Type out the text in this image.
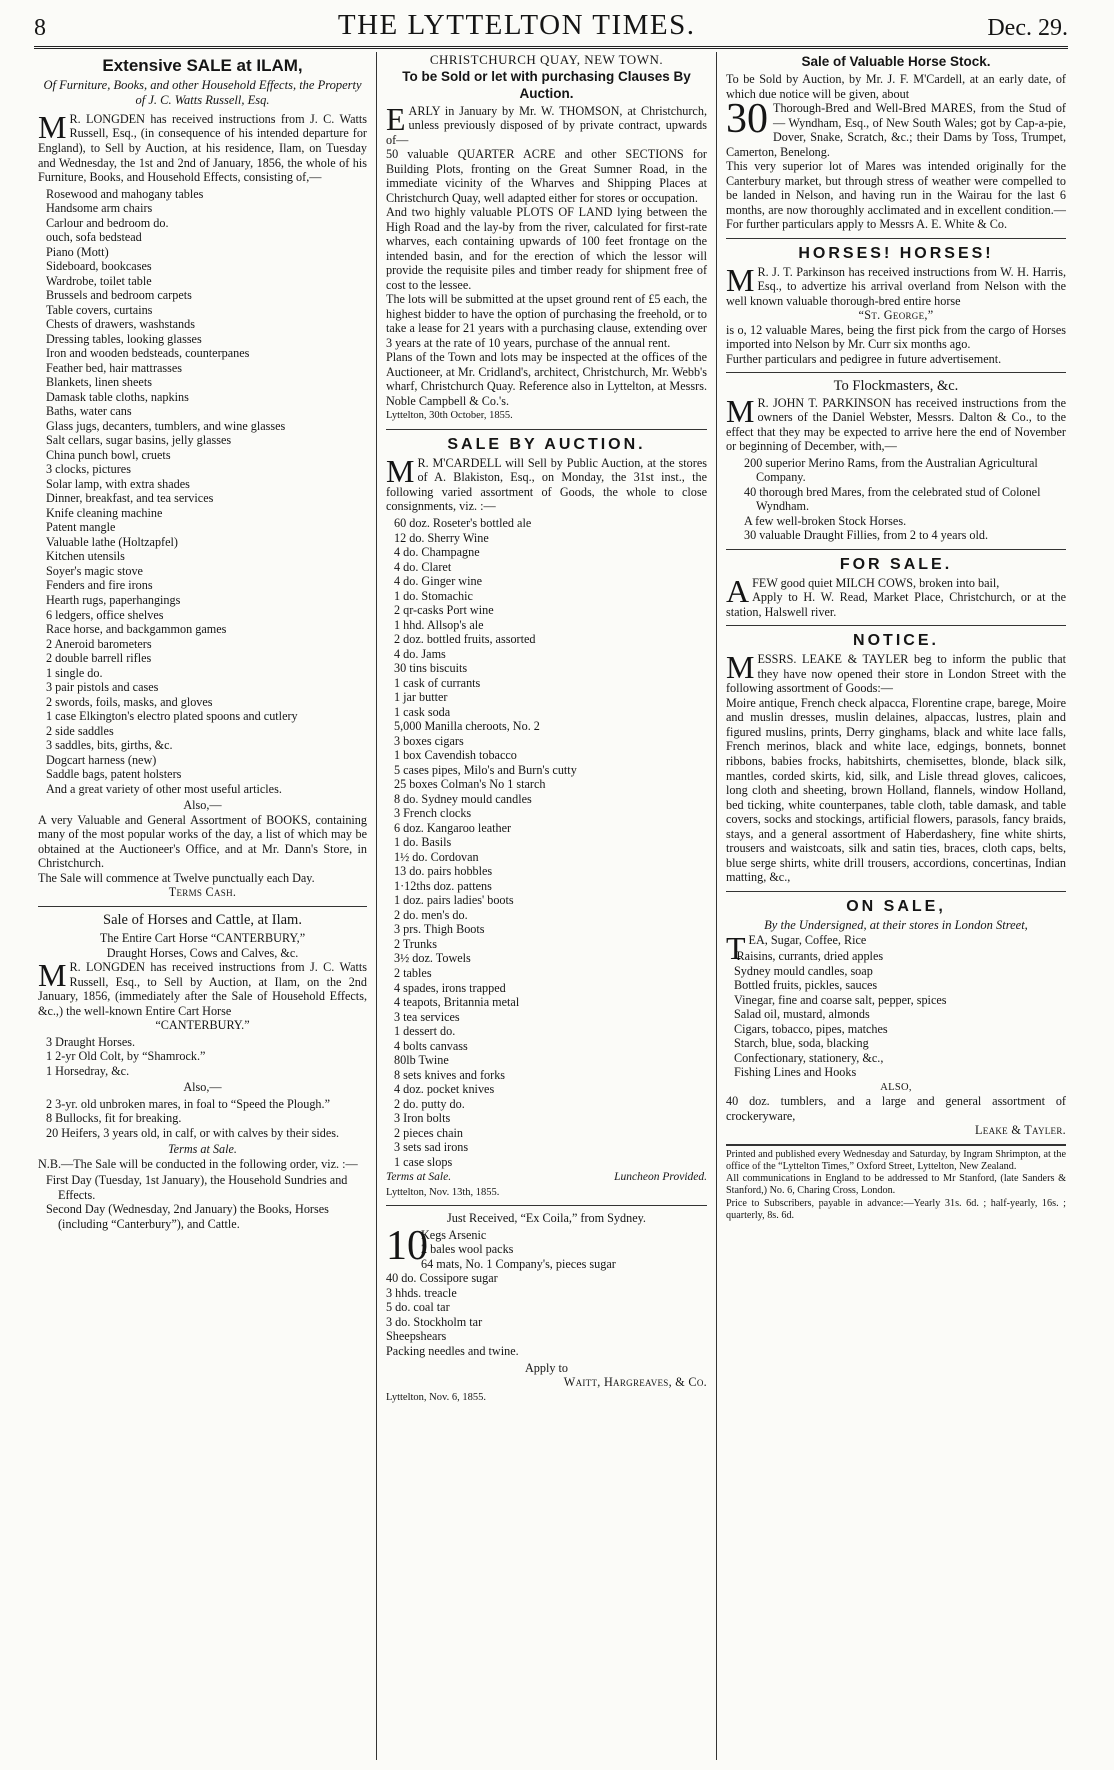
8	THE LYTTELTON TIMES.	Dec. 29.
Extensive SALE at ILAM,

Of Furniture, Books, and other Household Effects, the Property of J. C. Watts Russell, Esq.

M R. LONGDEN has received instructions from J. C. Watts Russell, Esq., (in consequence of his intended departure for England), to Sell by Auction, at his residence, Ilam, on Tuesday and Wednesday, the 1st and 2nd of January, 1856, the whole of his Furniture, Books, and Household Effects, consisting of,—

Rosewood and mahogany tables
Handsome arm chairs
Carlour and bedroom do.
ouch, sofa bedstead
Piano (Mott)
Sideboard, bookcases
Wardrobe, toilet table
Brussels and bedroom carpets
Table covers, curtains
Chests of drawers, washstands
Dressing tables, looking glasses
Iron and wooden bedsteads, counterpanes
Feather bed, hair mattrasses
Blankets, linen sheets
Damask table cloths, napkins
Baths, water cans
Glass jugs, decanters, tumblers, and wine glasses
Salt cellars, sugar basins, jelly glasses
China punch bowl, cruets
3 clocks, pictures
Solar lamp, with extra shades
Dinner, breakfast, and tea services
Knife cleaning machine
Patent mangle
Valuable lathe (Holtzapfel)
Kitchen utensils
Soyer's magic stove
Fenders and fire irons
Hearth rugs, paperhangings
6 ledgers, office shelves
Race horse, and backgammon games
2 Aneroid barometers
2 double barrell rifles
1 single do.
3 pair pistols and cases
2 swords, foils, masks, and gloves
1 case Elkington's electro plated spoons and cutlery
2 side saddles
3 saddles, bits, girths, &c.
Dogcart harness (new)
Saddle bags, patent holsters
And a great variety of other most useful articles.

Also,—

A very Valuable and General Assortment of BOOKS, containing many of the most popular works of the day, a list of which may be obtained at the Auctioneer's Office, and at Mr. Dann's Store, in Christchurch.

The Sale will commence at Twelve punctually each Day.

Terms Cash.

Sale of Horses and Cattle, at Ilam.

The Entire Cart Horse “CANTERBURY,”

Draught Horses, Cows and Calves, &c.

M R. LONGDEN has received instructions from J. C. Watts Russell, Esq., to Sell by Auction, at Ilam, on the 2nd January, 1856, (immediately after the Sale of Household Effects, &c.,) the well-known Entire Cart Horse

“CANTERBURY.”

3 Draught Horses.
1 2-yr Old Colt, by “Shamrock.”
1 Horsedray, &c.

Also,—

2 3-yr. old unbroken mares, in foal to “Speed the Plough.”
8 Bullocks, fit for breaking.
20 Heifers, 3 years old, in calf, or with calves by their sides.

Terms at Sale.

N.B.—The Sale will be conducted in the following order, viz. :—

First Day (Tuesday, 1st January), the Household Sundries and Effects.
Second Day (Wednesday, 2nd January) the Books, Horses (including “Canterbury”), and Cattle.
CHRISTCHURCH QUAY, NEW TOWN.
To be Sold or let with purchasing Clauses By Auction.

EARLY in January by Mr. W. THOMSON, at Christchurch, unless previously disposed of by private contract, upwards of—

50 valuable QUARTER ACRE and other SECTIONS for Building Plots, fronting on the Great Sumner Road, in the immediate vicinity of the Wharves and Shipping Places at Christchurch Quay, well adapted either for stores or occupation.

And two highly valuable PLOTS OF LAND lying between the High Road and the lay-by from the river, calculated for first-rate wharves, each containing upwards of 100 feet frontage on the intended basin, and for the erection of which the lessor will provide the requisite piles and timber ready for shipment free of cost to the lessee.

The lots will be submitted at the upset ground rent of £5 each, the highest bidder to have the option of purchasing the freehold, or to take a lease for 21 years with a purchasing clause, extending over 3 years at the rate of 10 years, purchase of the annual rent.

Plans of the Town and lots may be inspected at the offices of the Auctioneer, at Mr. Cridland's, architect, Christchurch, Mr. Webb's wharf, Christchurch Quay. Reference also in Lyttelton, at Messrs. Noble Campbell & Co.'s.

Lyttelton, 30th October, 1855.

SALE BY AUCTION.

M R. M'CARDELL will Sell by Public Auction, at the stores of A. Blakiston, Esq., on Monday, the 31st inst., the following varied assortment of Goods, the whole to close consignments, viz. :—

60 doz. Roseter's bottled ale
12 do. Sherry Wine
4 do. Champagne
4 do. Claret
4 do. Ginger wine
1 do. Stomachic
2 qr-casks Port wine
1 hhd. Allsop's ale
2 doz. bottled fruits, assorted
4 do. Jams
30 tins biscuits
1 cask of currants
1 jar butter
1 cask soda
5,000 Manilla cheroots, No. 2
3 boxes cigars
1 box Cavendish tobacco
5 cases pipes, Milo's and Burn's cutty
25 boxes Colman's No 1 starch
8 do. Sydney mould candles
3 French clocks
6 doz. Kangaroo leather
1 do. Basils
1½ do. Cordovan
13 do. pairs hobbles
1·12ths doz. pattens
1 doz. pairs ladies' boots
2 do. men's do.
3 prs. Thigh Boots
2 Trunks
3½ doz. Towels
2 tables
4 spades, irons trapped
4 teapots, Britannia metal
3 tea services
1 dessert do.
4 bolts canvass
80lb Twine
8 sets knives and forks
4 doz. pocket knives
2 do. putty do.
3 Iron bolts
2 pieces chain
3 sets sad irons
1 case slops
Terms at Sale.	Luncheon Provided.

Lyttelton, Nov. 13th, 1855.

Just Received, “Ex Coila,” from Sydney.
10
Kegs Arsenic
2 bales wool packs
64 mats, No. 1 Company's, pieces sugar
40 do. Cossipore sugar
3 hhds. treacle
5 do. coal tar
3 do. Stockholm tar
Sheepshears
Packing needles and twine.

Apply to

Waitt, Hargreaves, & Co.

Lyttelton, Nov. 6, 1855.

Sale of Valuable Horse Stock.

To be Sold by Auction, by Mr. J. F. M'Cardell, at an early date, of which due notice will be given, about

30 Thorough-Bred and Well-Bred MARES, from the Stud of — Wyndham, Esq., of New South Wales; got by Cap-a-pie, Dover, Snake, Scratch, &c.; their Dams by Toss, Trumpet, Camerton, Benelong.

This very superior lot of Mares was intended originally for the Canterbury market, but through stress of weather were compelled to be landed in Nelson, and having run in the Wairau for the last 6 months, are now thoroughly acclimated and in excellent condition.—For further particulars apply to Messrs A. E. White & Co.

HORSES! HORSES!

M R. J. T. Parkinson has received instructions from W. H. Harris, Esq., to advertize his arrival overland from Nelson with the well known valuable thorough-bred entire horse

“St. George,”

is o, 12 valuable Mares, being the first pick from the cargo of Horses imported into Nelson by Mr. Curr six months ago.

Further particulars and pedigree in future advertisement.

To Flockmasters, &c.

M R. JOHN T. PARKINSON has received instructions from the owners of the Daniel Webster, Messrs. Dalton & Co., to the effect that they may be expected to arrive here the end of November or beginning of December, with,—

200 superior Merino Rams, from the Australian Agricultural Company.
40 thorough bred Mares, from the celebrated stud of Colonel Wyndham.
A few well-broken Stock Horses.
30 valuable Draught Fillies, from 2 to 4 years old.
FOR SALE.

AFEW good quiet MILCH COWS, broken into bail,

Apply to H. W. Read, Market Place, Christchurch, or at the station, Halswell river.

NOTICE.

MESSRS. LEAKE & TAYLER beg to inform the public that they have now opened their store in London Street with the following assortment of Goods:—

Moire antique, French check alpacca, Florentine crape, barege, Moire and muslin dresses, muslin delaines, alpaccas, lustres, plain and figured muslins, prints, Derry ginghams, black and white lace falls, French merinos, black and white lace, edgings, bonnets, bonnet ribbons, babies frocks, habitshirts, chemisettes, blonde, black silk, mantles, corded skirts, kid, silk, and Lisle thread gloves, calicoes, long cloth and sheeting, brown Holland, flannels, window Holland, bed ticking, white counterpanes, table cloth, table damask, and table covers, socks and stockings, artificial flowers, parasols, fancy braids, stays, and a general assortment of Haberdashery, fine white shirts, trousers and waistcoats, silk and satin ties, braces, cloth caps, belts, blue serge shirts, white drill trousers, accordions, concertinas, Indian matting, &c.,

ON SALE,

By the Undersigned, at their stores in London Street,

TEA, Sugar, Coffee, Rice

Raisins, currants, dried apples
Sydney mould candles, soap
Bottled fruits, pickles, sauces
Vinegar, fine and coarse salt, pepper, spices
Salad oil, mustard, almonds
Cigars, tobacco, pipes, matches
Starch, blue, soda, blacking
Confectionary, stationery, &c.,
Fishing Lines and Hooks

ALSO,

40 doz. tumblers, and a large and general assortment of crockeryware,

Leake & Tayler.

Printed and published every Wednesday and Saturday, by Ingram Shrimpton, at the office of the “Lyttelton Times,” Oxford Street, Lyttelton, New Zealand.

All communications in England to be addressed to Mr Stanford, (late Sanders & Stanford,) No. 6, Charing Cross, London.

Price to Subscribers, payable in advance:—Yearly 31s. 6d. ; half-yearly, 16s. ; quarterly, 8s. 6d.
